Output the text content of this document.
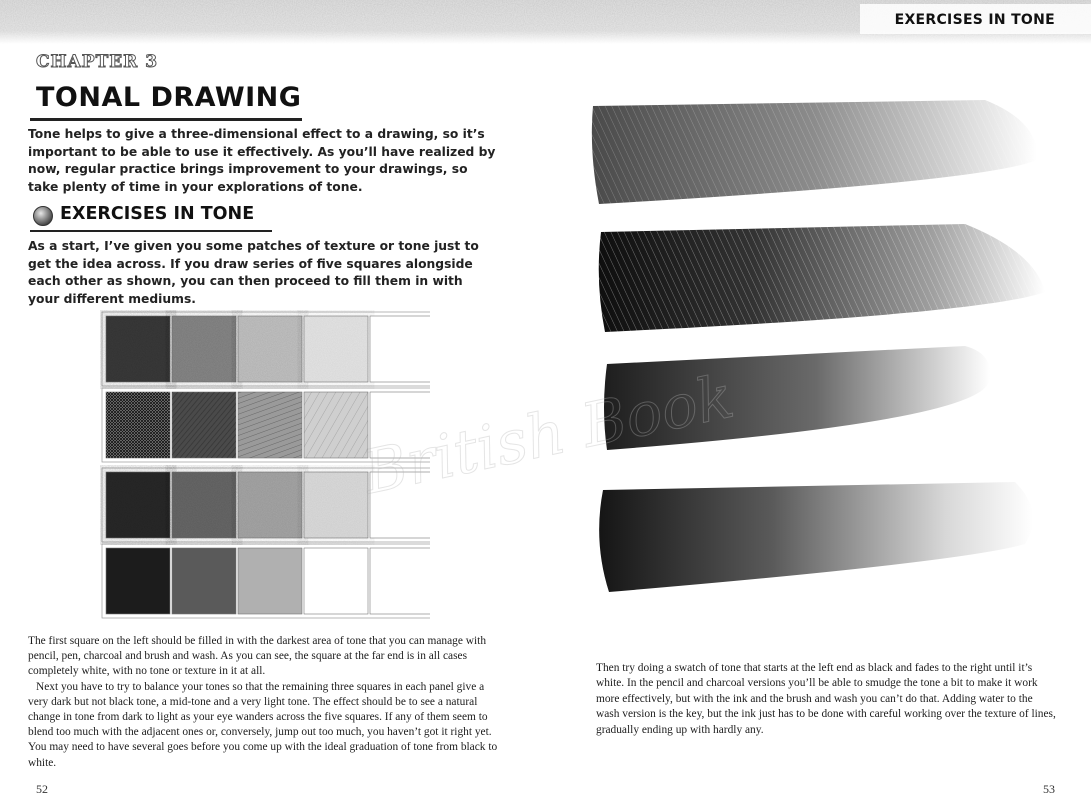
EXERCISES IN TONE
CHAPTER 3
TONAL DRAWING

Tone helps to give a three-dimensional effect to a drawing, so it’s important to be able to use it effectively. As you’ll have realized by now, regular practice brings improvement to your drawings, so take plenty of time in your explorations of tone.

EXERCISES IN TONE

As a start, I’ve given you some patches of texture or tone just to get the idea across. If you draw series of five squares alongside each other as shown, you can then proceed to fill them in with your different mediums.

The first square on the left should be filled in with the darkest area of tone that you can manage with pencil, pen, charcoal and brush and wash. As you can see, the square at the far end is in all cases completely white, with no tone or texture in it at all.

Next you have to try to balance your tones so that the remaining three squares in each panel give a very dark but not black tone, a mid-tone and a very light tone. The effect should be to see a natural change in tone from dark to light as your eye wanders across the five squares. If any of them seem to blend too much with the adjacent ones or, conversely, jump out too much, you haven’t got it right yet. You may need to have several goes before you come up with the ideal graduation of tone from black to white.

52
British Book

Then try doing a swatch of tone that starts at the left end as black and fades to the right until it’s white. In the pencil and charcoal versions you’ll be able to smudge the tone a bit to make it work more effectively, but with the ink and the brush and wash you can’t do that. Adding water to the wash version is the key, but the ink just has to be done with careful working over the texture of lines, gradually ending up with hardly any.

53
